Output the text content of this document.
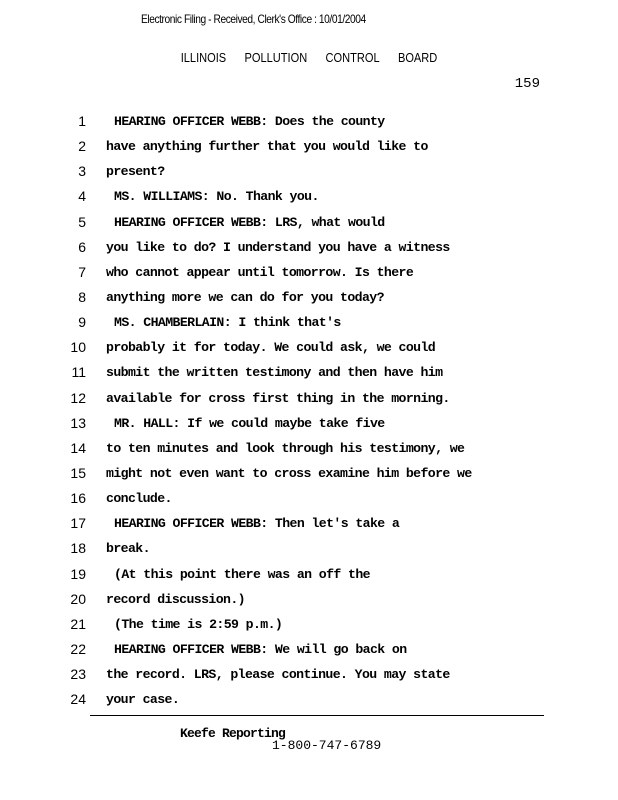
Electronic Filing - Received, Clerk's Office : 10/01/2004
ILLINOIS POLLUTION CONTROL BOARD
159
1 HEARING OFFICER WEBB: Does the county
2 have anything further that you would like to
3 present?
4 MS. WILLIAMS: No. Thank you.
5 HEARING OFFICER WEBB: LRS, what would
6 you like to do? I understand you have a witness
7 who cannot appear until tomorrow. Is there
8 anything more we can do for you today?
9 MS. CHAMBERLAIN: I think that's
10 probably it for today. We could ask, we could
11 submit the written testimony and then have him
12 available for cross first thing in the morning.
13 MR. HALL: If we could maybe take five
14 to ten minutes and look through his testimony, we
15 might not even want to cross examine him before we
16 conclude.
17 HEARING OFFICER WEBB: Then let's take a
18 break.
19 (At this point there was an off the
20 record discussion.)
21 (The time is 2:59 p.m.)
22 HEARING OFFICER WEBB: We will go back on
23 the record. LRS, please continue. You may state
24 your case.
Keefe Reporting
1-800-747-6789
